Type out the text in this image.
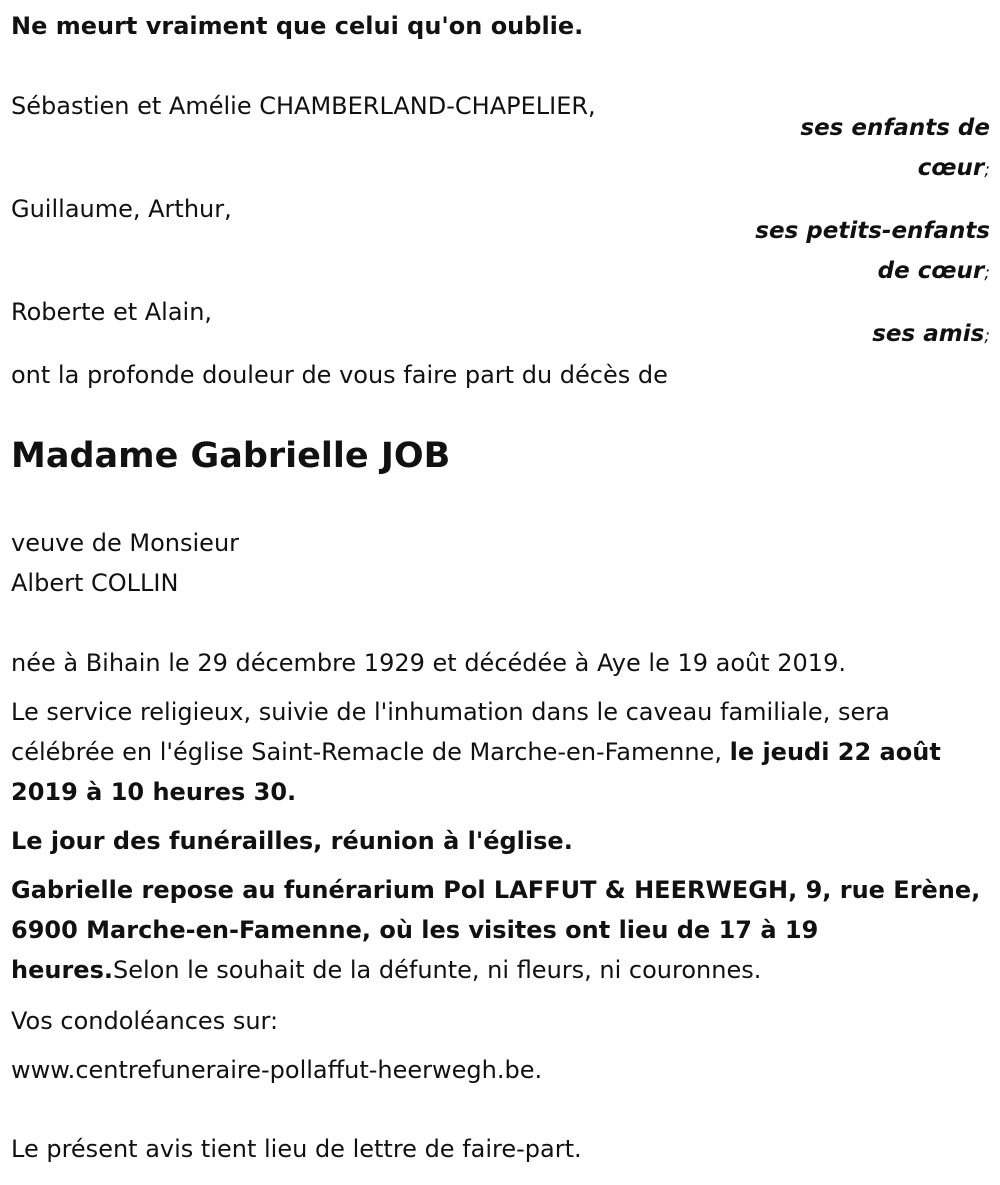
Ne meurt vraiment que celui qu'on oublie.
Sébastien et Amélie CHAMBERLAND-CHAPELIER,
ses enfants de
cœur;
Guillaume, Arthur,
ses petits-enfants
de cœur;
Roberte et Alain,
ses amis;
ont la profonde douleur de vous faire part du décès de
Madame Gabrielle JOB
veuve de Monsieur
Albert COLLIN
née à Bihain le 29 décembre 1929 et décédée à Aye le 19 août 2019.
Le service religieux, suivie de l'inhumation dans le caveau familiale, sera célébrée en l'église Saint-Remacle de Marche-en-Famenne, le jeudi 22 août 2019 à 10 heures 30.
Le jour des funérailles, réunion à l'église.
Gabrielle repose au funérarium Pol LAFFUT & HEERWEGH, 9, rue Erène, 6900 Marche-en-Famenne, où les visites ont lieu de 17 à 19 heures.Selon le souhait de la défunte, ni fleurs, ni couronnes.
Vos condoléances sur:
www.centrefuneraire-pollaffut-heerwegh.be.
Le présent avis tient lieu de lettre de faire-part.
